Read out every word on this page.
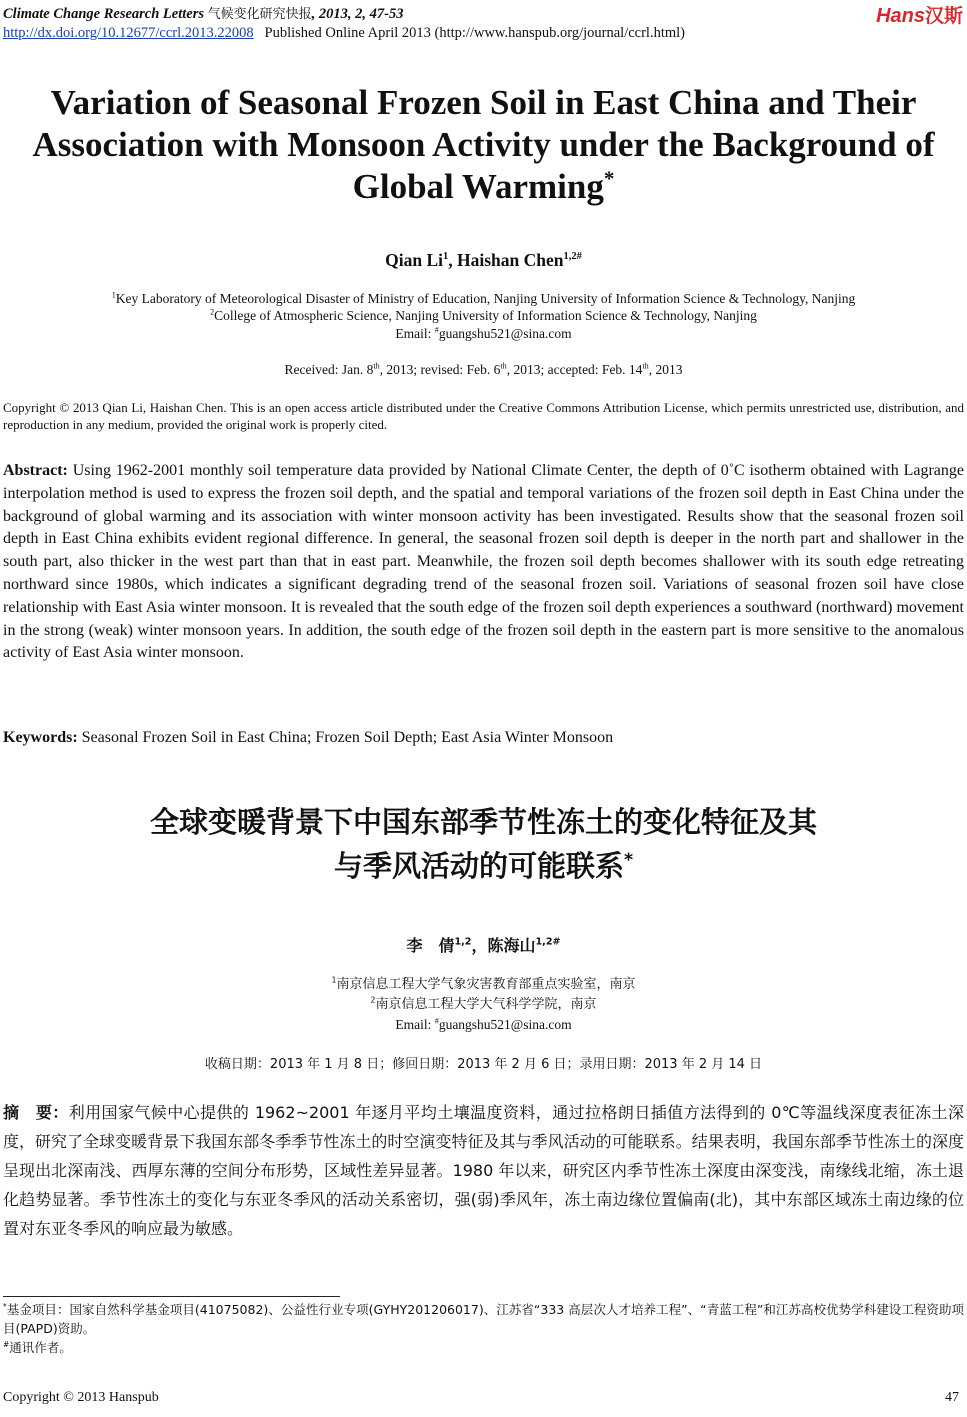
Climate Change Research Letters 气候变化研究快报, 2013, 2, 47-53
http://dx.doi.org/10.12677/ccrl.2013.22008 Published Online April 2013 (http://www.hanspub.org/journal/ccrl.html)
Hans汉斯
Variation of Seasonal Frozen Soil in East China and Their Association with Monsoon Activity under the Background of Global Warming*
Qian Li$^1$, Haishan Chen$^{1,2\#}$
$^1$Key Laboratory of Meteorological Disaster of Ministry of Education, Nanjing University of Information Science & Technology, Nanjing
$^2$College of Atmospheric Science, Nanjing University of Information Science & Technology, Nanjing
Email: #guangshu521@sina.com
Received: Jan. 8th, 2013; revised: Feb. 6th, 2013; accepted: Feb. 14th, 2013
Copyright © 2013 Qian Li, Haishan Chen. This is an open access article distributed under the Creative Commons Attribution License, which permits unrestricted use, distribution, and reproduction in any medium, provided the original work is properly cited.

Abstract: Using 1962-2001 monthly soil temperature data provided by National Climate Center, the depth of 0˚C isotherm obtained with Lagrange interpolation method is used to express the frozen soil depth, and the spatial and temporal variations of the frozen soil depth in East China under the background of global warming and its association with winter monsoon activity has been investigated. Results show that the seasonal frozen soil depth in East China exhibits evident regional difference. In general, the seasonal frozen soil depth is deeper in the north part and shallower in the south part, also thicker in the west part than that in east part. Meanwhile, the frozen soil depth becomes shallower with its south edge retreating northward since 1980s, which indicates a significant degrading trend of the seasonal frozen soil. Variations of seasonal frozen soil have close relationship with East Asia winter monsoon. It is revealed that the south edge of the frozen soil depth experiences a southward (northward) movement in the strong (weak) winter monsoon years. In addition, the south edge of the frozen soil depth in the eastern part is more sensitive to the anomalous activity of East Asia winter monsoon.

Keywords: Seasonal Frozen Soil in East China; Frozen Soil Depth; East Asia Winter Monsoon
全球变暖背景下中国东部季节性冻土的变化特征及其
与季风活动的可能联系*
李　倩$^{1,2}$，陈海山$^{1,2\#}$
$^1$南京信息工程大学气象灾害教育部重点实验室，南京
$^2$南京信息工程大学大气科学学院，南京
Email: #guangshu521@sina.com
收稿日期：2013 年 1 月 8 日；修回日期：2013 年 2 月 6 日；录用日期：2013 年 2 月 14 日

摘　要：利用国家气候中心提供的 1962~2001 年逐月平均土壤温度资料，通过拉格朗日插值方法得到的 0℃等温线深度表征冻土深度，研究了全球变暖背景下我国东部冬季季节性冻土的时空演变特征及其与季风活动的可能联系。结果表明，我国东部季节性冻土的深度呈现出北深南浅、西厚东薄的空间分布形势，区域性差异显著。1980 年以来，研究区内季节性冻土深度由深变浅，南缘线北缩，冻土退化趋势显著。季节性冻土的变化与东亚冬季风的活动关系密切，强(弱)季风年，冻土南边缘位置偏南(北)，其中东部区域冻土南边缘的位置对东亚冬季风的响应最为敏感。

*基金项目：国家自然科学基金项目(41075082)、公益性行业专项(GYHY201206017)、江苏省“333 高层次人才培养工程”、“青蓝工程”和江苏高校优势学科建设工程资助项目(PAPD)资助。

#通讯作者。

Copyright © 2013 Hanspub	47
